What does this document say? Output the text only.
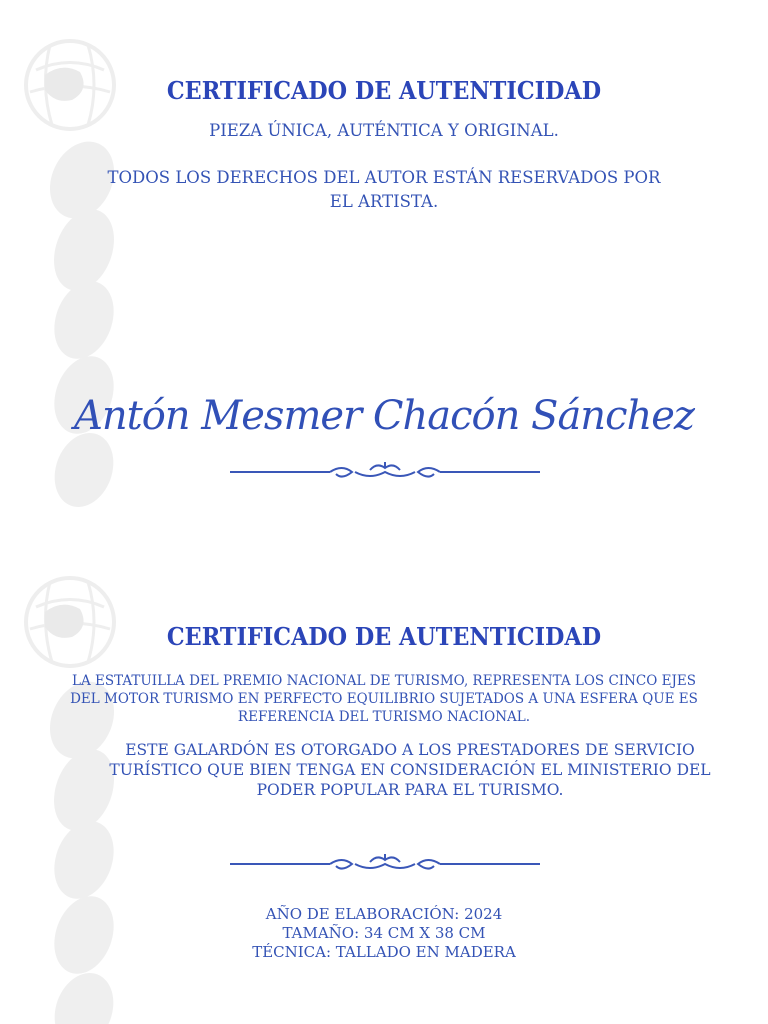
CERTIFICADO DE AUTENTICIDAD
PIEZA ÚNICA, AUTÉNTICA Y ORIGINAL.
TODOS LOS DERECHOS DEL AUTOR ESTÁN RESERVADOS POR
EL ARTISTA.
Antón Mesmer Chacón Sánchez
CERTIFICADO DE AUTENTICIDAD
LA ESTATUILLA DEL PREMIO NACIONAL DE TURISMO, REPRESENTA LOS CINCO EJES
DEL MOTOR TURISMO EN PERFECTO EQUILIBRIO SUJETADOS A UNA ESFERA QUE ES
REFERENCIA DEL TURISMO NACIONAL.
ESTE GALARDÓN ES OTORGADO A LOS PRESTADORES DE SERVICIO
TURÍSTICO QUE BIEN TENGA EN CONSIDERACIÓN EL MINISTERIO DEL
PODER POPULAR PARA EL TURISMO.
AÑO DE ELABORACIÓN: 2024
TAMAÑO: 34 CM X 38 CM
TÉCNICA: TALLADO EN MADERA
